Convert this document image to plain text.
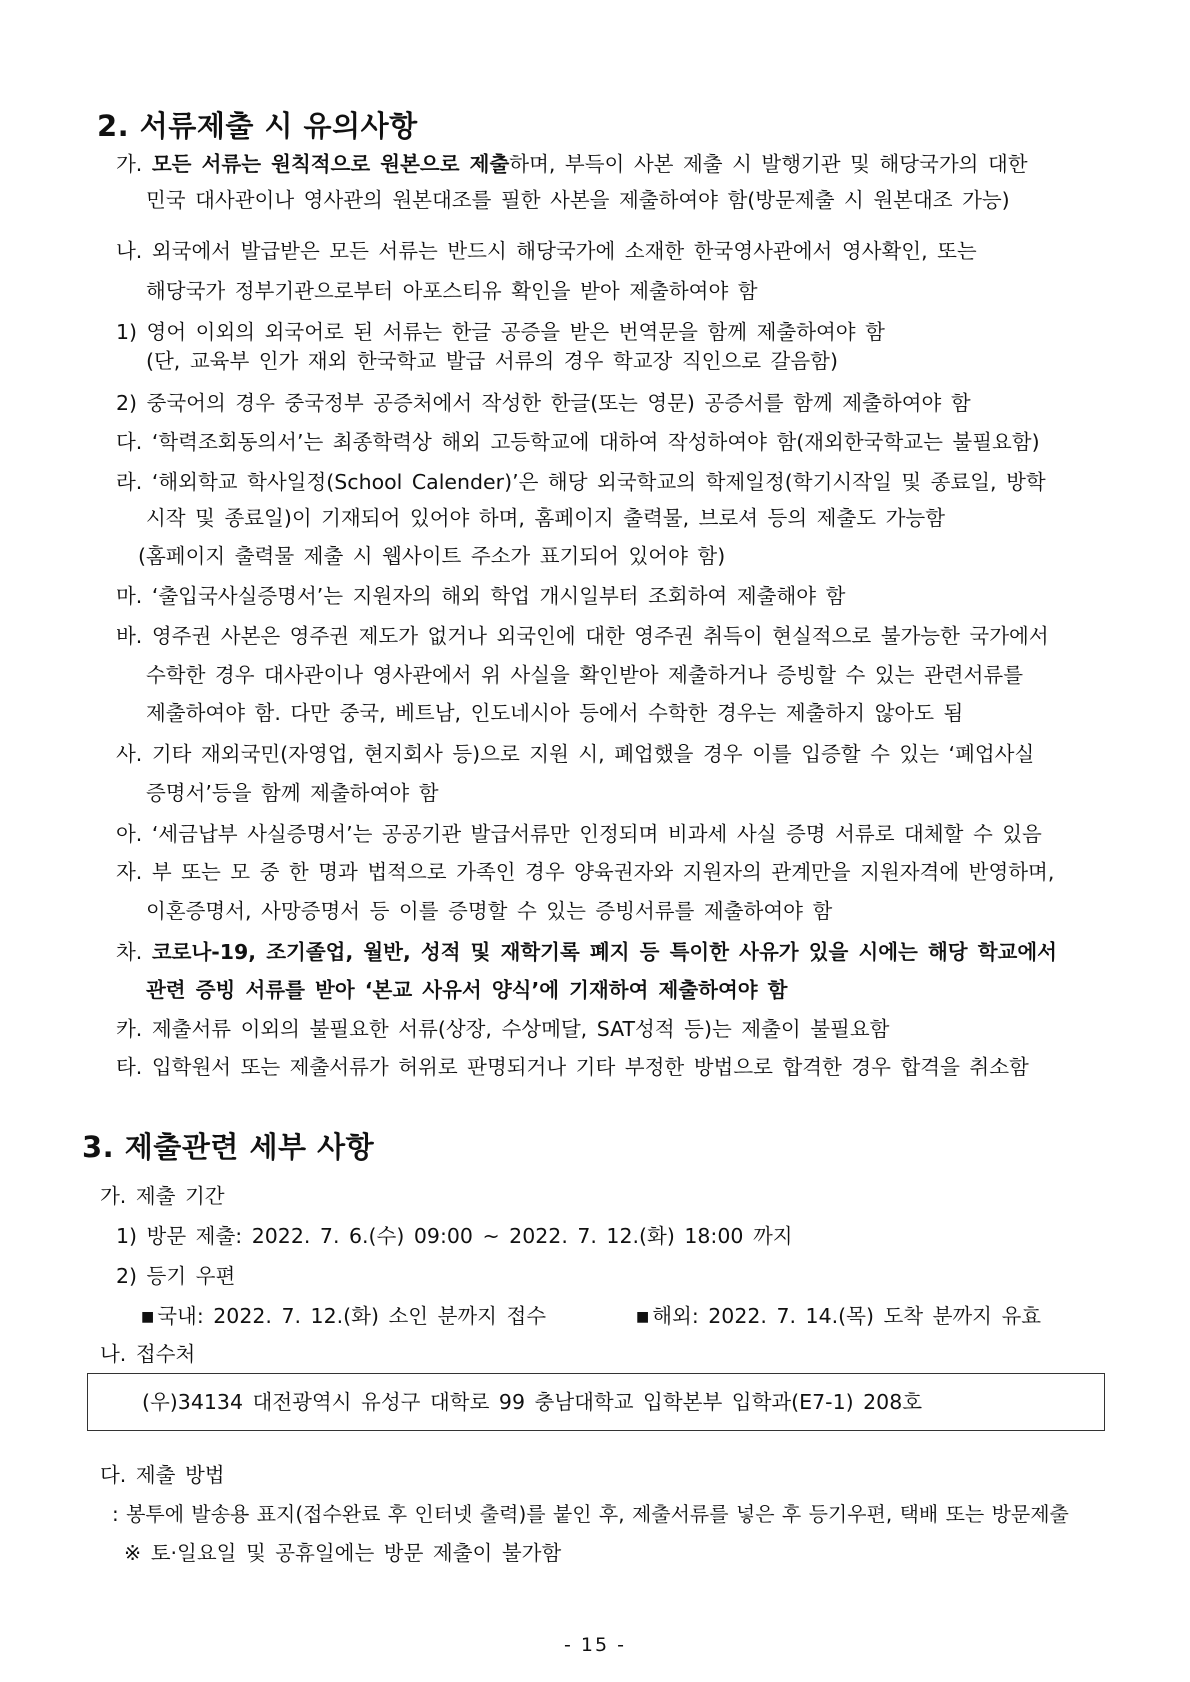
2. 서류제출 시 유의사항
가. 모든 서류는 원칙적으로 원본으로 제출하며, 부득이 사본 제출 시 발행기관 및 해당국가의 대한
민국 대사관이나 영사관의 원본대조를 필한 사본을 제출하여야 함(방문제출 시 원본대조 가능)
나. 외국에서 발급받은 모든 서류는 반드시 해당국가에 소재한 한국영사관에서 영사확인, 또는
해당국가 정부기관으로부터 아포스티유 확인을 받아 제출하여야 함
1) 영어 이외의 외국어로 된 서류는 한글 공증을 받은 번역문을 함께 제출하여야 함
(단, 교육부 인가 재외 한국학교 발급 서류의 경우 학교장 직인으로 갈음함)
2) 중국어의 경우 중국정부 공증처에서 작성한 한글(또는 영문) 공증서를 함께 제출하여야 함
다. ‘학력조회동의서’는 최종학력상 해외 고등학교에 대하여 작성하여야 함(재외한국학교는 불필요함)
라. ‘해외학교 학사일정(School Calender)’은 해당 외국학교의 학제일정(학기시작일 및 종료일, 방학
시작 및 종료일)이 기재되어 있어야 하며, 홈페이지 출력물, 브로셔 등의 제출도 가능함
(홈페이지 출력물 제출 시 웹사이트 주소가 표기되어 있어야 함)
마. ‘출입국사실증명서’는 지원자의 해외 학업 개시일부터 조회하여 제출해야 함
바. 영주권 사본은 영주권 제도가 없거나 외국인에 대한 영주권 취득이 현실적으로 불가능한 국가에서
수학한 경우 대사관이나 영사관에서 위 사실을 확인받아 제출하거나 증빙할 수 있는 관련서류를
제출하여야 함. 다만 중국, 베트남, 인도네시아 등에서 수학한 경우는 제출하지 않아도 됨
사. 기타 재외국민(자영업, 현지회사 등)으로 지원 시, 폐업했을 경우 이를 입증할 수 있는 ‘폐업사실
증명서’등을 함께 제출하여야 함
아. ‘세금납부 사실증명서’는 공공기관 발급서류만 인정되며 비과세 사실 증명 서류로 대체할 수 있음
자. 부 또는 모 중 한 명과 법적으로 가족인 경우 양육권자와 지원자의 관계만을 지원자격에 반영하며,
이혼증명서, 사망증명서 등 이를 증명할 수 있는 증빙서류를 제출하여야 함
차. 코로나-19, 조기졸업, 월반, 성적 및 재학기록 폐지 등 특이한 사유가 있을 시에는 해당 학교에서
관련 증빙 서류를 받아 ‘본교 사유서 양식’에 기재하여 제출하여야 함
카. 제출서류 이외의 불필요한 서류(상장, 수상메달, SAT성적 등)는 제출이 불필요함
타. 입학원서 또는 제출서류가 허위로 판명되거나 기타 부정한 방법으로 합격한 경우 합격을 취소함
3. 제출관련 세부 사항
가. 제출 기간
1) 방문 제출: 2022. 7. 6.(수) 09:00 ~ 2022. 7. 12.(화) 18:00 까지
2) 등기 우편
■ 국내: 2022. 7. 12.(화) 소인 분까지 접수	■ 해외: 2022. 7. 14.(목) 도착 분까지 유효
나. 접수처
(우)34134 대전광역시 유성구 대학로 99 충남대학교 입학본부 입학과(E7-1) 208호
다. 제출 방법
: 봉투에 발송용 표지(접수완료 후 인터넷 출력)를 붙인 후, 제출서류를 넣은 후 등기우편, 택배 또는 방문제출
※ 토·일요일 및 공휴일에는 방문 제출이 불가함
- 15 -
